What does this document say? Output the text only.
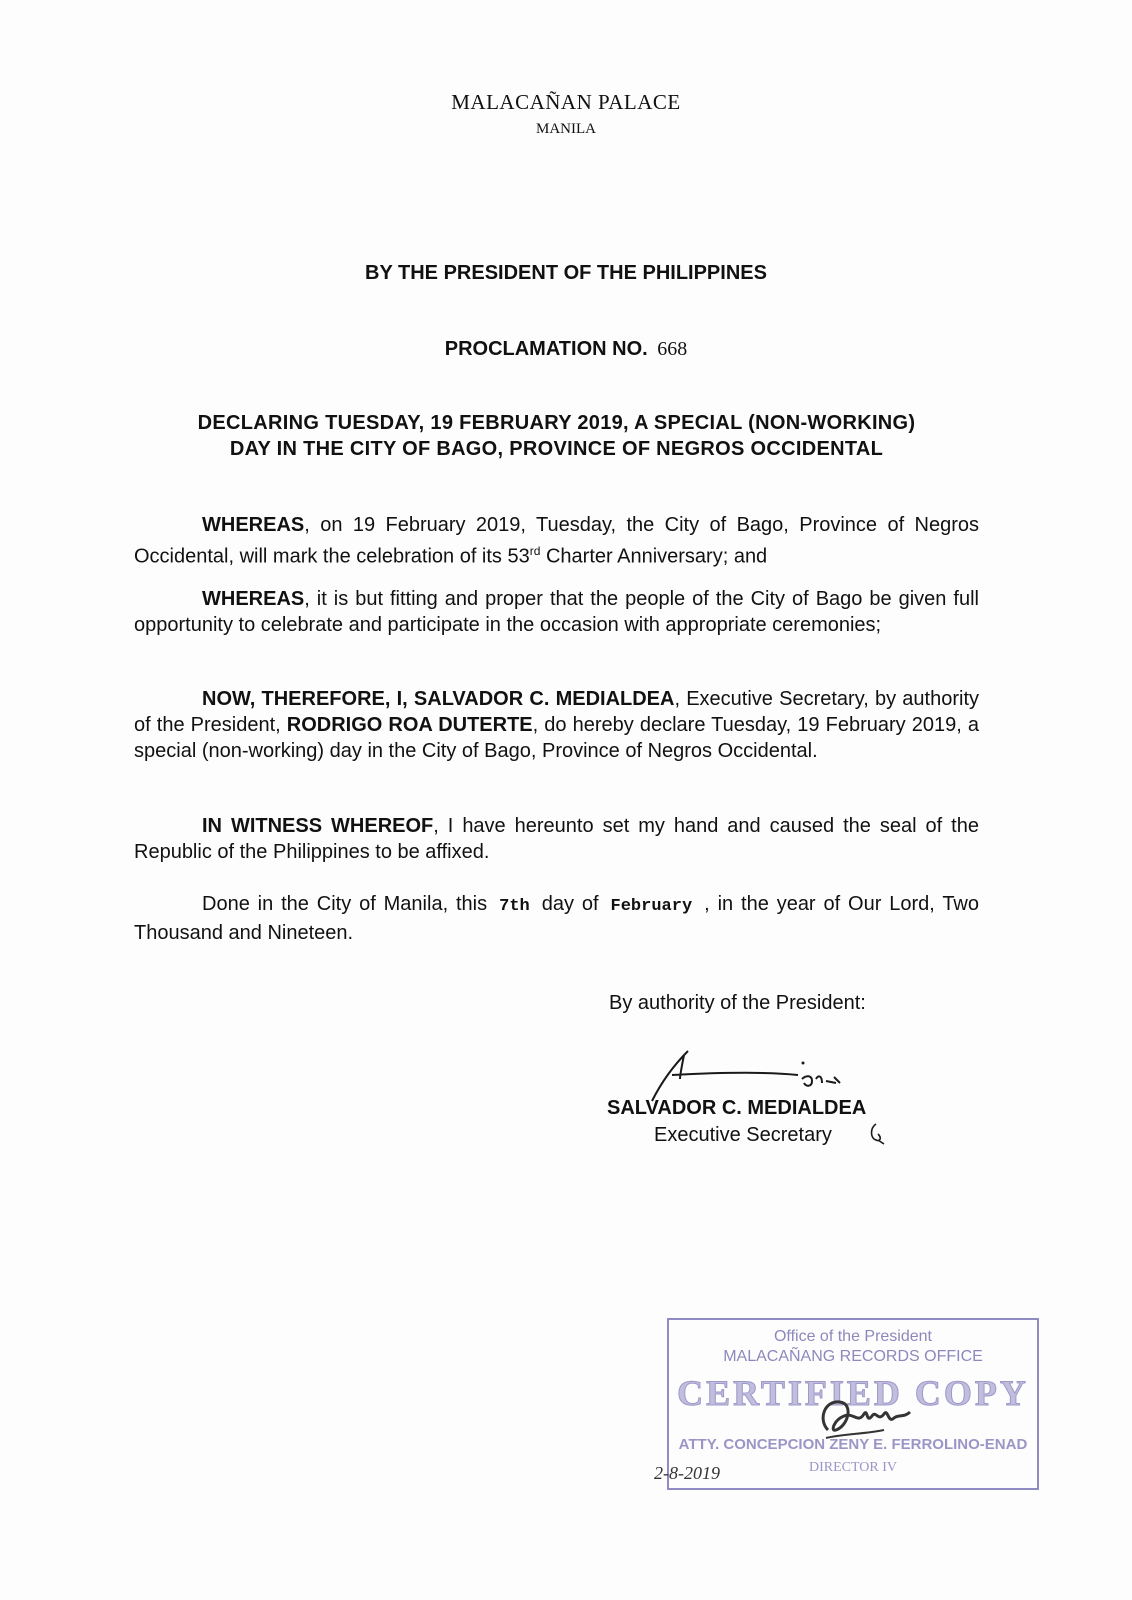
MALACAÑAN PALACE
MANILA
BY THE PRESIDENT OF THE PHILIPPINES
PROCLAMATION NO. 668
DECLARING TUESDAY, 19 FEBRUARY 2019, A SPECIAL (NON-WORKING)
DAY IN THE CITY OF BAGO, PROVINCE OF NEGROS OCCIDENTAL
WHEREAS, on 19 February 2019, Tuesday, the City of Bago, Province of Negros Occidental, will mark the celebration of its 53rd Charter Anniversary; and
WHEREAS, it is but fitting and proper that the people of the City of Bago be given full opportunity to celebrate and participate in the occasion with appropriate ceremonies;
NOW, THEREFORE, I, SALVADOR C. MEDIALDEA, Executive Secretary, by authority of the President, RODRIGO ROA DUTERTE, do hereby declare Tuesday, 19 February 2019, a special (non-working) day in the City of Bago, Province of Negros Occidental.
IN WITNESS WHEREOF, I have hereunto set my hand and caused the seal of the Republic of the Philippines to be affixed.
Done in the City of Manila, this 7th day of February , in the year of Our Lord, Two Thousand and Nineteen.
By authority of the President:
SALVADOR C. MEDIALDEA
Executive Secretary
Office of the President
MALACAÑANG RECORDS OFFICE
CERTIFIED COPY
ATTY. CONCEPCION ZENY E. FERROLINO-ENAD
DIRECTOR IV
2-8-2019
